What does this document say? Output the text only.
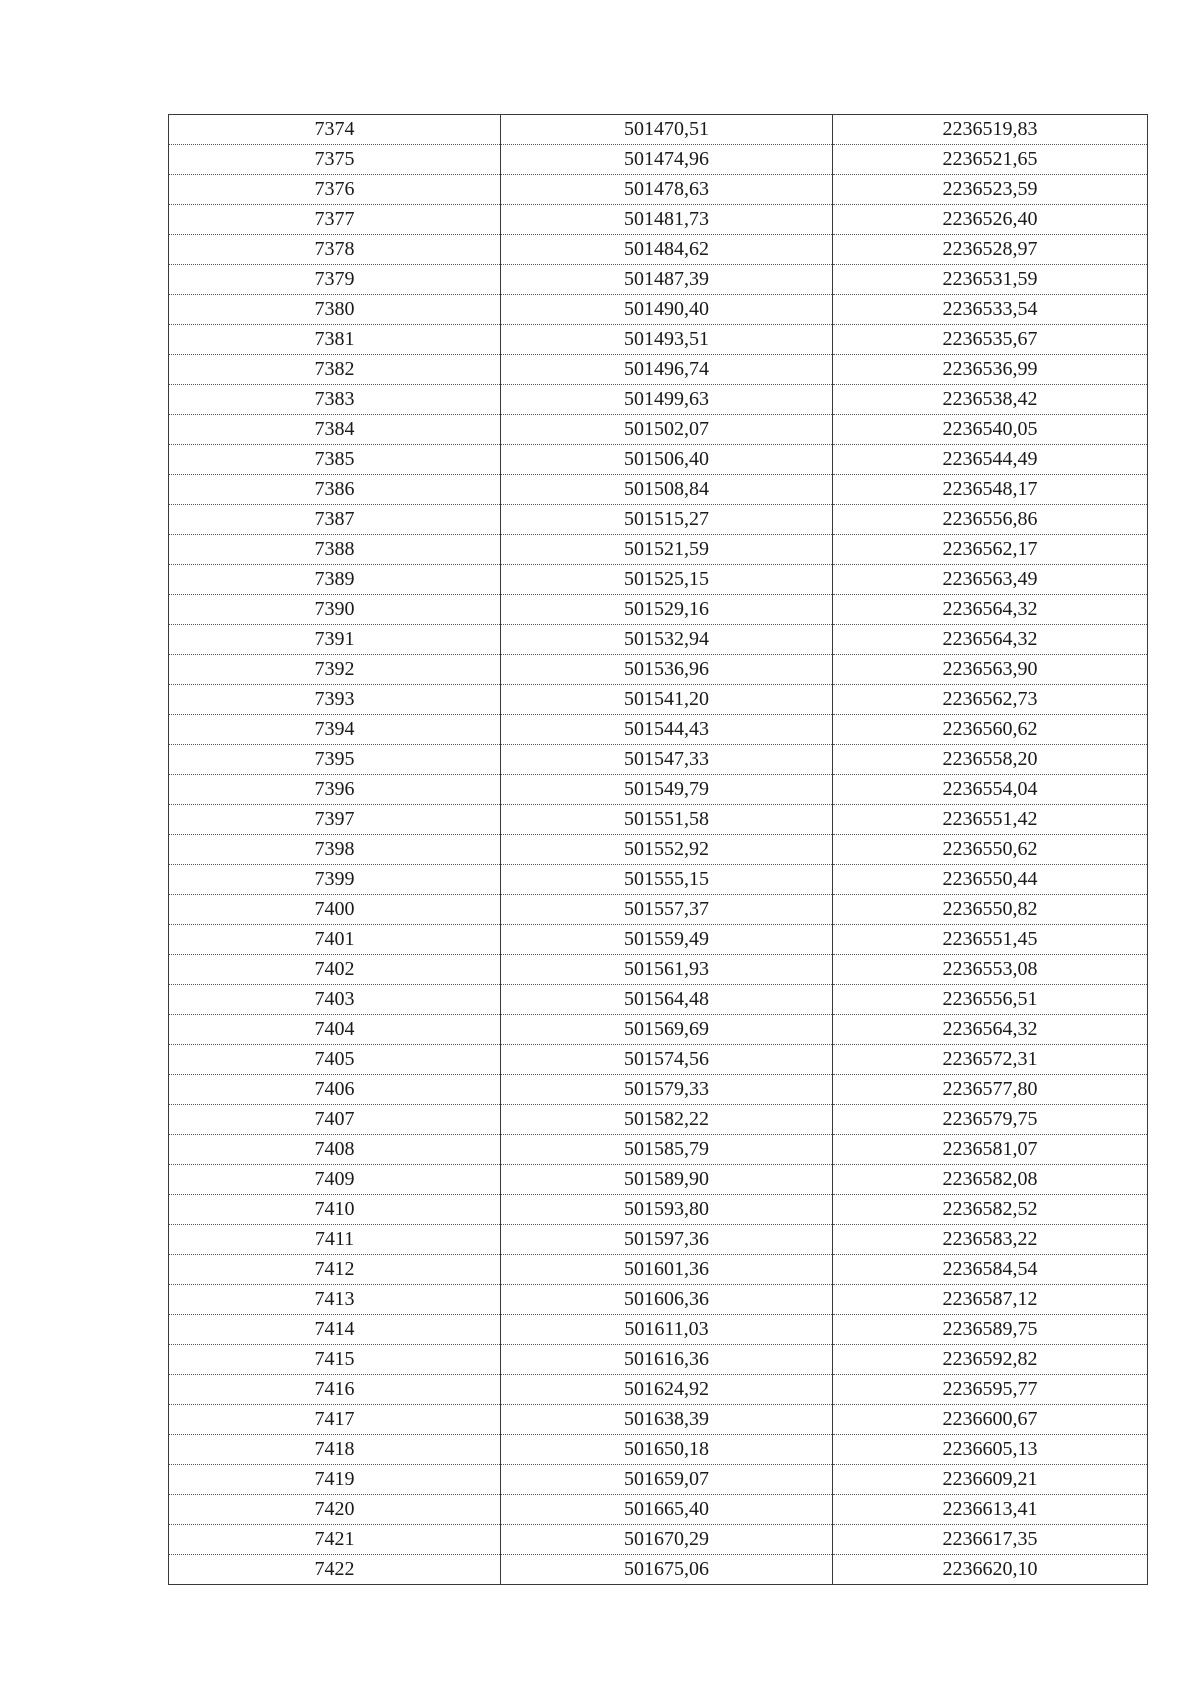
7374	501470,51	2236519,83
7375	501474,96	2236521,65
7376	501478,63	2236523,59
7377	501481,73	2236526,40
7378	501484,62	2236528,97
7379	501487,39	2236531,59
7380	501490,40	2236533,54
7381	501493,51	2236535,67
7382	501496,74	2236536,99
7383	501499,63	2236538,42
7384	501502,07	2236540,05
7385	501506,40	2236544,49
7386	501508,84	2236548,17
7387	501515,27	2236556,86
7388	501521,59	2236562,17
7389	501525,15	2236563,49
7390	501529,16	2236564,32
7391	501532,94	2236564,32
7392	501536,96	2236563,90
7393	501541,20	2236562,73
7394	501544,43	2236560,62
7395	501547,33	2236558,20
7396	501549,79	2236554,04
7397	501551,58	2236551,42
7398	501552,92	2236550,62
7399	501555,15	2236550,44
7400	501557,37	2236550,82
7401	501559,49	2236551,45
7402	501561,93	2236553,08
7403	501564,48	2236556,51
7404	501569,69	2236564,32
7405	501574,56	2236572,31
7406	501579,33	2236577,80
7407	501582,22	2236579,75
7408	501585,79	2236581,07
7409	501589,90	2236582,08
7410	501593,80	2236582,52
7411	501597,36	2236583,22
7412	501601,36	2236584,54
7413	501606,36	2236587,12
7414	501611,03	2236589,75
7415	501616,36	2236592,82
7416	501624,92	2236595,77
7417	501638,39	2236600,67
7418	501650,18	2236605,13
7419	501659,07	2236609,21
7420	501665,40	2236613,41
7421	501670,29	2236617,35
7422	501675,06	2236620,10
